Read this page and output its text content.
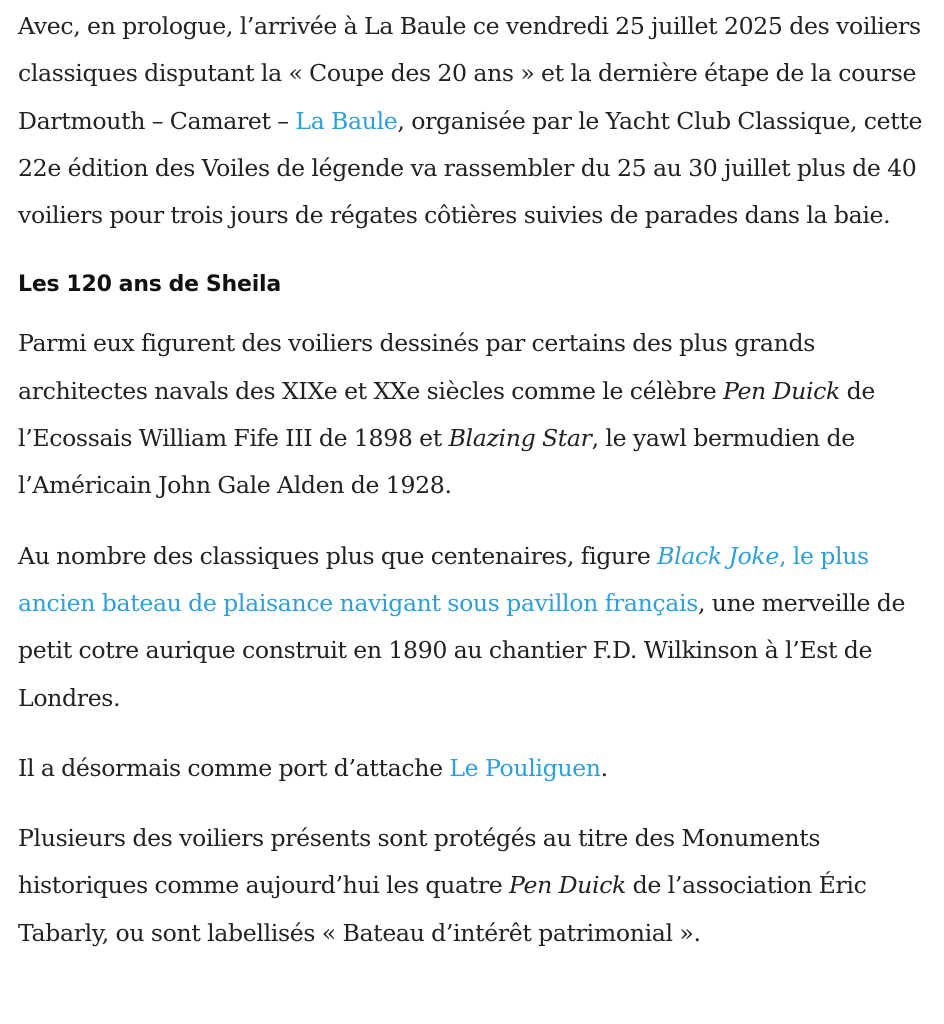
Avec, en prologue, l’arrivée à La Baule ce vendredi 25 juillet 2025 des voiliers classiques disputant la « Coupe des 20 ans » et la dernière étape de la course Dartmouth – Camaret – La Baule, organisée par le Yacht Club Classique, cette 22e édition des Voiles de légende va rassembler du 25 au 30 juillet plus de 40 voiliers pour trois jours de régates côtières suivies de parades dans la baie.

Les 120 ans de Sheila

Parmi eux figurent des voiliers dessinés par certains des plus grands architectes navals des XIXe et XXe siècles comme le célèbre Pen Duick de l’Ecossais William Fife III de 1898 et Blazing Star, le yawl bermudien de l’Américain John Gale Alden de 1928.

Au nombre des classiques plus que centenaires, figure Black Joke, le plus ancien bateau de plaisance navigant sous pavillon français, une merveille de petit cotre aurique construit en 1890 au chantier F.D. Wilkinson à l’Est de Londres.

Il a désormais comme port d’attache Le Pouliguen.

Plusieurs des voiliers présents sont protégés au titre des Monuments historiques comme aujourd’hui les quatre Pen Duick de l’association Éric Tabarly, ou sont labellisés « Bateau d’intérêt patrimonial ».
